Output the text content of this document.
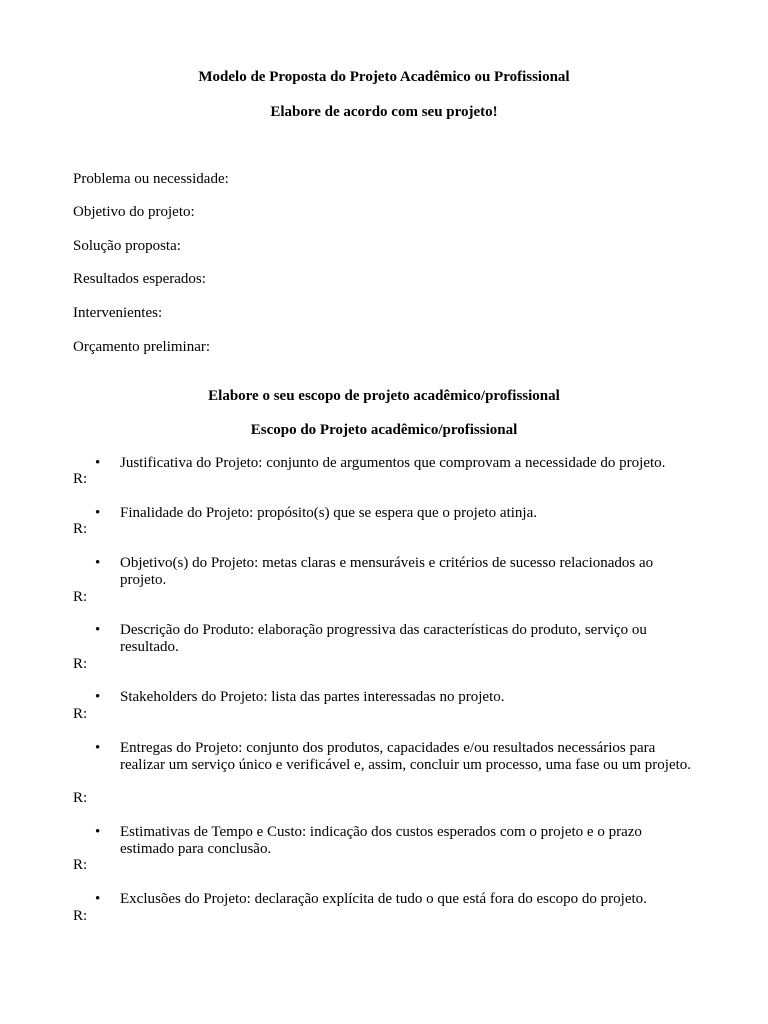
Modelo de Proposta do Projeto Acadêmico ou Profissional
Elabore de acordo com seu projeto!
Problema ou necessidade:
Objetivo do projeto:
Solução proposta:
Resultados esperados:
Intervenientes:
Orçamento preliminar:
Elabore o seu escopo de projeto acadêmico/profissional
Escopo do Projeto acadêmico/profissional
• Justificativa do Projeto: conjunto de argumentos que comprovam a necessidade do projeto.
R:
• Finalidade do Projeto: propósito(s) que se espera que o projeto atinja.
R:
• Objetivo(s) do Projeto: metas claras e mensuráveis e critérios de sucesso relacionados ao projeto.
R:
• Descrição do Produto: elaboração progressiva das características do produto, serviço ou resultado.
R:
• Stakeholders do Projeto: lista das partes interessadas no projeto.
R:
• Entregas do Projeto: conjunto dos produtos, capacidades e/ou resultados necessários para realizar um serviço único e verificável e, assim, concluir um processo, uma fase ou um projeto.
R:
• Estimativas de Tempo e Custo: indicação dos custos esperados com o projeto e o prazo estimado para conclusão.
R:
• Exclusões do Projeto: declaração explícita de tudo o que está fora do escopo do projeto.
R:
